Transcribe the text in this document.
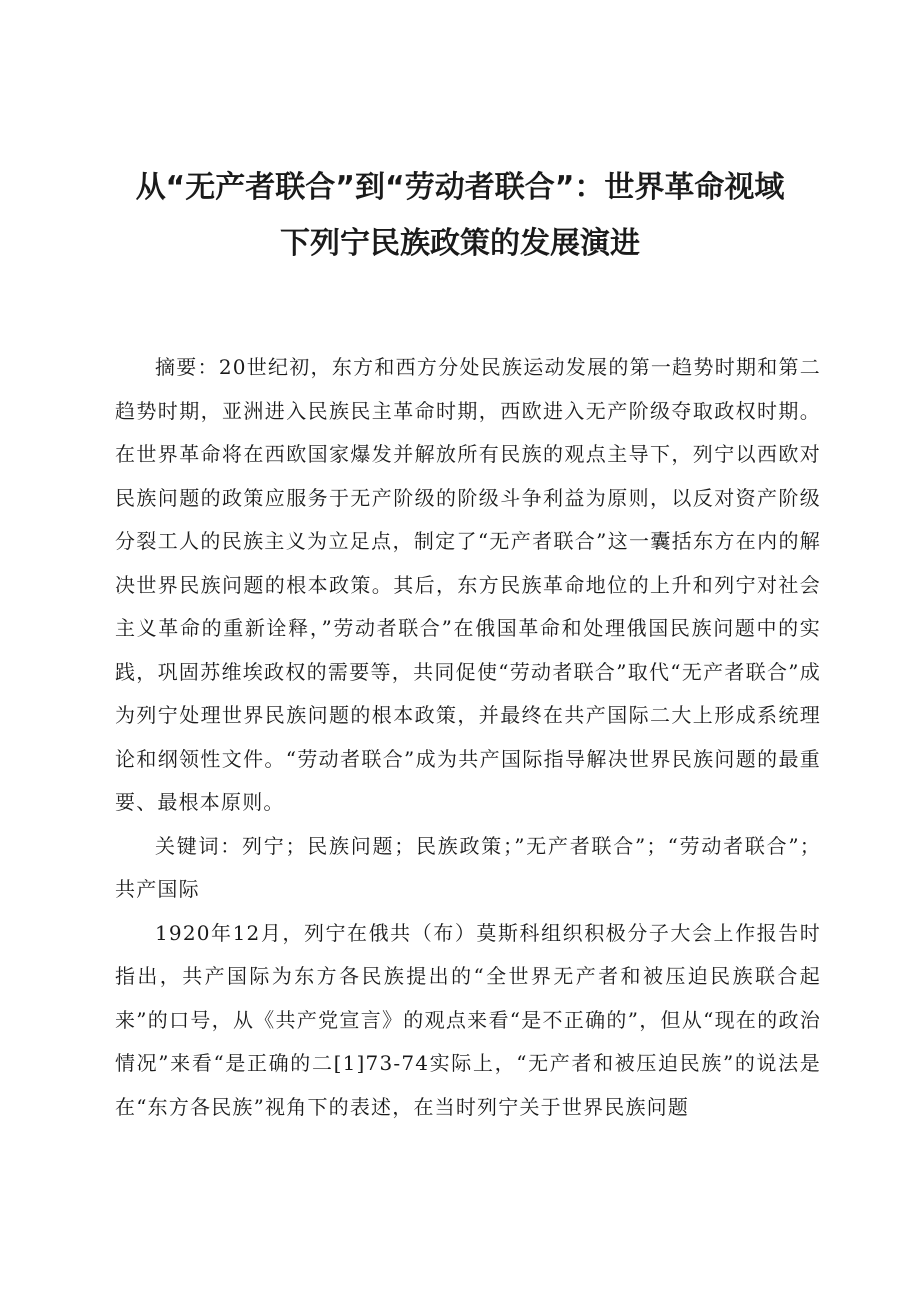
从“无产者联合”到“劳动者联合”：世界革命视域
下列宁民族政策的发展演进

摘要：20世纪初，东方和西方分处民族运动发展的第一趋势时期和第二趋势时期，亚洲进入民族民主革命时期，西欧进入无产阶级夺取政权时期。在世界革命将在西欧国家爆发并解放所有民族的观点主导下，列宁以西欧对民族问题的政策应服务于无产阶级的阶级斗争利益为原则，以反对资产阶级分裂工人的民族主义为立足点，制定了“无产者联合”这一囊括东方在内的解决世界民族问题的根本政策。其后，东方民族革命地位的上升和列宁对社会主义革命的重新诠释，”劳动者联合”在俄国革命和处理俄国民族问题中的实践，巩固苏维埃政权的需要等，共同促使“劳动者联合”取代“无产者联合”成为列宁处理世界民族问题的根本政策，并最终在共产国际二大上形成系统理论和纲领性文件。“劳动者联合”成为共产国际指导解决世界民族问题的最重要、最根本原则。

关键词：列宁；民族问题；民族政策；”无产者联合”；“劳动者联合”；共产国际

1920年12月，列宁在俄共（布）莫斯科组织积极分子大会上作报告时指出，共产国际为东方各民族提出的“全世界无产者和被压迫民族联合起来”的口号，从《共产党宣言》的观点来看“是不正确的”，但从“现在的政治情况”来看“是正确的二[1]73-74实际上，“无产者和被压迫民族”的说法是在“东方各民族”视角下的表述，在当时列宁关于世界民族问题
